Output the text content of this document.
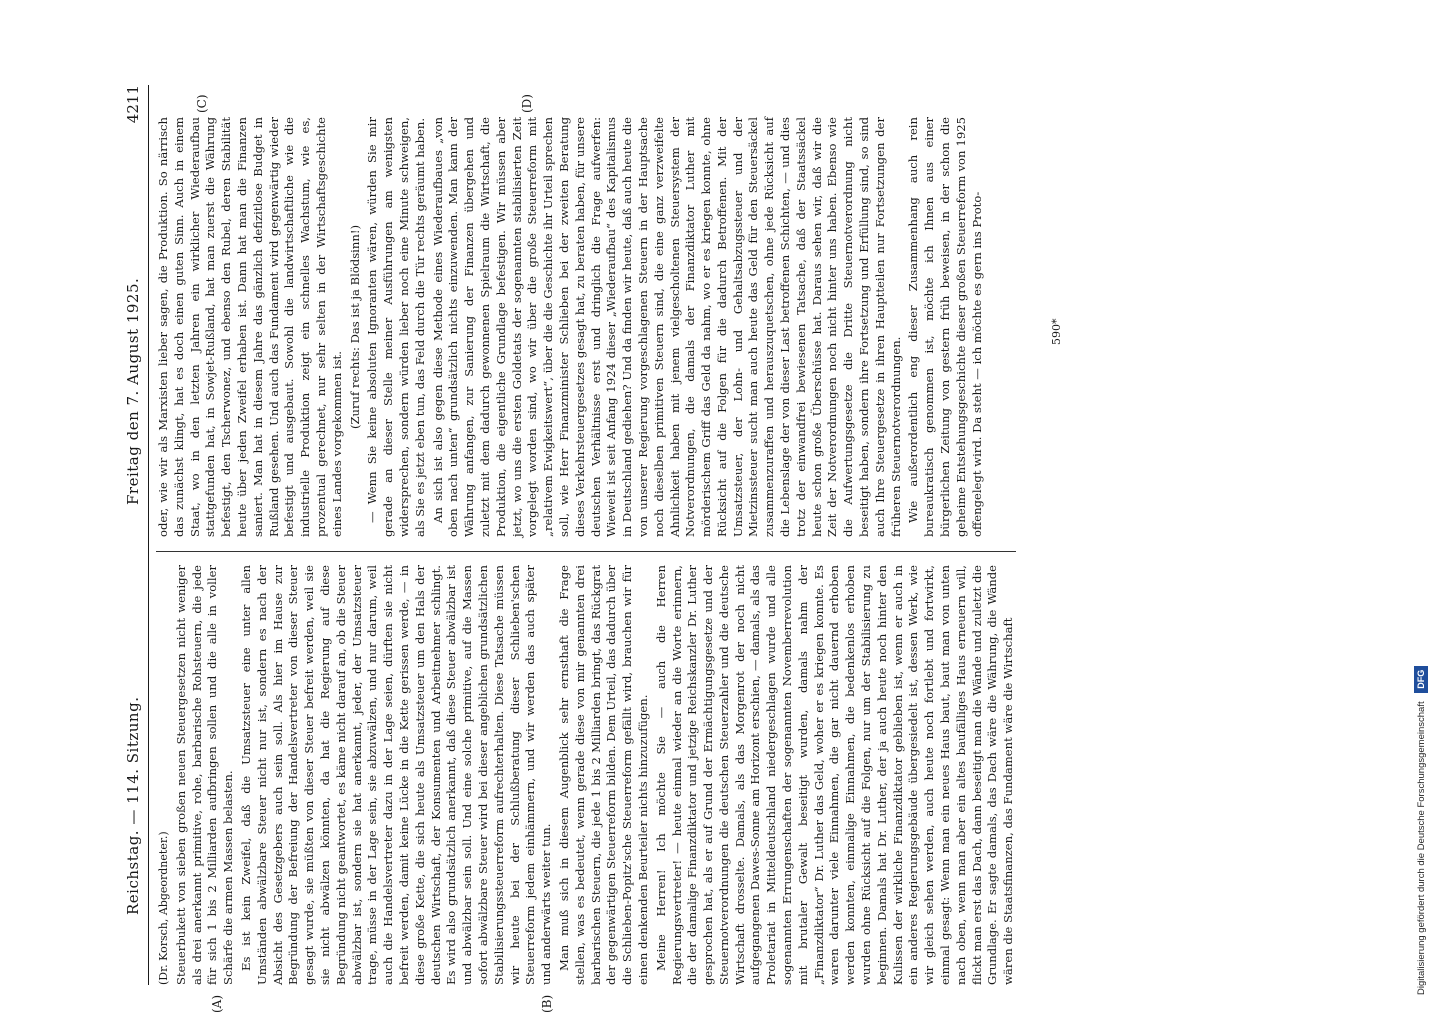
Reichstag. — 114. Sitzung.
Freitag den 7. August 1925.
4211

(Dr. Korsch, Abgeordneter.) Steuerbukett von sieben großen neuen Steuergesetzen nicht weniger als drei anerkannt primitive, rohe, barbarische Rohsteuern, die jede für sich 1 bis 2 Milliarden aufbringen sollen und die alle in voller Schärfe die armen Massen belasten. Es ist kein Zweifel, daß die Umsatzsteuer eine unter allen Umständen abwälzbare Steuer nicht nur ist, sondern es nach der Absicht des Gesetzgebers auch sein soll. Als hier im Hause zur Begründung der Befreiung der Handelsvertreter von dieser Steuer gesagt wurde, sie müßten von dieser Steuer befreit werden, weil sie sie nicht abwälzen könnten, da hat die Regierung auf diese Begründung nicht geantwortet, es käme nicht darauf an, ob die Steuer abwälzbar ist, sondern sie hat anerkannt, jeder, der Umsatzsteuer trage, müsse in der Lage sein, sie abzuwälzen, und nur darum, weil auch die Handelsvertreter dazu in der Lage seien, dürften sie nicht befreit werden, damit keine Lücke in die Kette gerissen werde, — in diese große Kette, die sich heute als Umsatzsteuer um den Hals der deutschen Wirtschaft, der Konsumenten und Arbeitnehmer schlingt. Es wird also grundsätzlich anerkannt, daß diese Steuer abwälzbar ist und abwälzbar sein soll. Und eine solche primitive, auf die Massen sofort abwälzbare Steuer wird bei dieser angeblichen grundsätzlichen Stabilisierungssteuerreform aufrechterhalten. Diese Tatsache müssen wir heute bei der Schlußberatung dieser Schlieben'schen Steuerreform jedem einhämmern, und wir werden das auch später und anderwärts weiter tun. Man muß sich in diesem Augenblick sehr ernsthaft die Frage stellen, was es bedeutet, wenn gerade diese von mir genannten drei barbarischen Steuern, die jede 1 bis 2 Milliarden bringt, das Rückgrat der gegenwärtigen Steuerreform bilden. Dem Urteil, das dadurch über die Schlieben-Popitz'sche Steuerreform gefällt wird, brauchen wir für einen denkenden Beurteiler nichts hinzuzufügen. Meine Herren! Ich möchte Sie — auch die Herren Regierungsvertreter! — heute einmal wieder an die Worte erinnern, die der damalige Finanzdiktator und jetzige Reichskanzler Dr. Luther gesprochen hat, als er auf Grund der Ermächtigungsgesetze und der Steuernotverordnungen die deutschen Steuerzahler und die deutsche Wirtschaft drosselte. Damals, als das Morgenrot der noch nicht aufgegangenen Dawes-Sonne am Horizont erschien, — damals, als das Proletariat in Mitteldeutschland niedergeschlagen wurde und alle sogenannten Errungenschaften der sogenannten Novemberrevolution mit brutaler Gewalt beseitigt wurden, damals nahm der „Finanzdiktator“ Dr. Luther das Geld, woher er es kriegen konnte. Es waren darunter viele Einnahmen, die gar nicht dauernd erhoben werden konnten, einmalige Einnahmen, die bedenkenlos erhoben wurden ohne Rücksicht auf die Folgen, nur um der Stabilisierung zu beginnen. Damals hat Dr. Luther, der ja auch heute noch hinter den Kulissen der wirkliche Finanzdiktator geblieben ist, wenn er auch in ein anderes Regierungsgebäude übergesiedelt ist, dessen Werk, wie wir gleich sehen werden, auch heute noch fortlebt und fortwirkt, einmal gesagt: Wenn man ein neues Haus baut, baut man von unten nach oben, wenn man aber ein altes baufälliges Haus erneuern will, flickt man erst das Dach, dann beseitigt man die Wände und zuletzt die Grundlage. Er sagte damals, das Dach wäre die Währung, die Wände wären die Staatsfinanzen, das Fundament wäre die Wirtschaft

oder, wie wir als Marxisten lieber sagen, die Produktion. So närrisch das zunächst klingt, hat es doch einen guten Sinn. Auch in einem Staat, wo in den letzten Jahren ein wirklicher Wiederaufbau stattgefunden hat, in Sowjet-Rußland, hat man zuerst die Währung befestigt, den Tscherwonez, und ebenso den Rubel, deren Stabilität heute über jeden Zweifel erhaben ist. Dann hat man die Finanzen saniert. Man hat in diesem Jahre das gänzlich defizitlose Budget in Rußland gesehen. Und auch das Fundament wird gegenwärtig wieder befestigt und ausgebaut. Sowohl die landwirtschaftliche wie die industrielle Produktion zeigt ein schnelles Wachstum, wie es, prozentual gerechnet, nur sehr selten in der Wirtschaftsgeschichte eines Landes vorgekommen ist.

(Zuruf rechts: Das ist ja Blödsinn!) — Wenn Sie keine absoluten Ignoranten wären, würden Sie mir gerade an dieser Stelle meiner Ausführungen am wenigsten widersprechen, sondern würden lieber noch eine Minute schweigen, als Sie es jetzt eben tun, das Feld durch die Tür rechts geräumt haben. An sich ist also gegen diese Methode eines Wiederaufbaues „von oben nach unten“ grundsätzlich nichts einzuwenden. Man kann der Währung anfangen, zur Sanierung der Finanzen übergehen und zuletzt mit dem dadurch gewonnenen Spielraum die Wirtschaft, die Produktion, die eigentliche Grundlage befestigen. Wir müssen aber jetzt, wo uns die ersten Goldetats der sogenannten stabilisierten Zeit vorgelegt worden sind, wo wir über die große Steuerreform mit „relativem Ewigkeitswert“, über die die Geschichte ihr Urteil sprechen soll, wie Herr Finanzminister Schlieben bei der zweiten Beratung dieses Verkehrsteuergesetzes gesagt hat, zu beraten haben, für unsere deutschen Verhältnisse erst und dringlich die Frage aufwerfen: Wieweit ist seit Anfang 1924 dieser „Wiederaufbau“ des Kapitalismus in Deutschland gediehen? Und da finden wir heute, daß auch heute die von unserer Regierung vorgeschlagenen Steuern in der Hauptsache noch dieselben primitiven Steuern sind, die eine ganz verzweifelte Ahnlichkeit haben mit jenem vielgescholtenen Steuersystem der Notverordnungen, die damals der Finanzdiktator Luther mit mörderischem Griff das Geld da nahm, wo er es kriegen konnte, ohne Rücksicht auf die Folgen für die dadurch Betroffenen. Mit der Umsatzsteuer, der Lohn- und Gehaltsabzugssteuer und der Mietzinssteuer sucht man auch heute das Geld für den Steuersäckel zusammenzuraffen und herauszuquetschen, ohne jede Rücksicht auf die Lebenslage der von dieser Last betroffenen Schichten, — und dies trotz der einwandfrei bewiesenen Tatsache, daß der Staatssäckel heute schon große Überschüsse hat. Daraus sehen wir, daß wir die Zeit der Notverordnungen noch nicht hinter uns haben. Ebenso wie die Aufwertungsgesetze die Dritte Steuernotverordnung nicht beseitigt haben, sondern ihre Fortsetzung und Erfüllung sind, so sind auch Ihre Steuergesetze in ihren Hauptteilen nur Fortsetzungen der früheren Steuernotverordnungen. Wie außerordentlich eng dieser Zusammenhang auch rein bureaukratisch genommen ist, möchte ich Ihnen aus einer bürgerlichen Zeitung von gestern früh beweisen, in der schon die geheime Entstehungsgeschichte dieser großen Steuerreform von 1925 offengelegt wird. Da steht — ich möchte es gern ins Proto-

(A)	(B)
(C)	(D)
590*
Digitalisierung gefördert durch die Deutsche Forschungsgemeinschaft DFG
